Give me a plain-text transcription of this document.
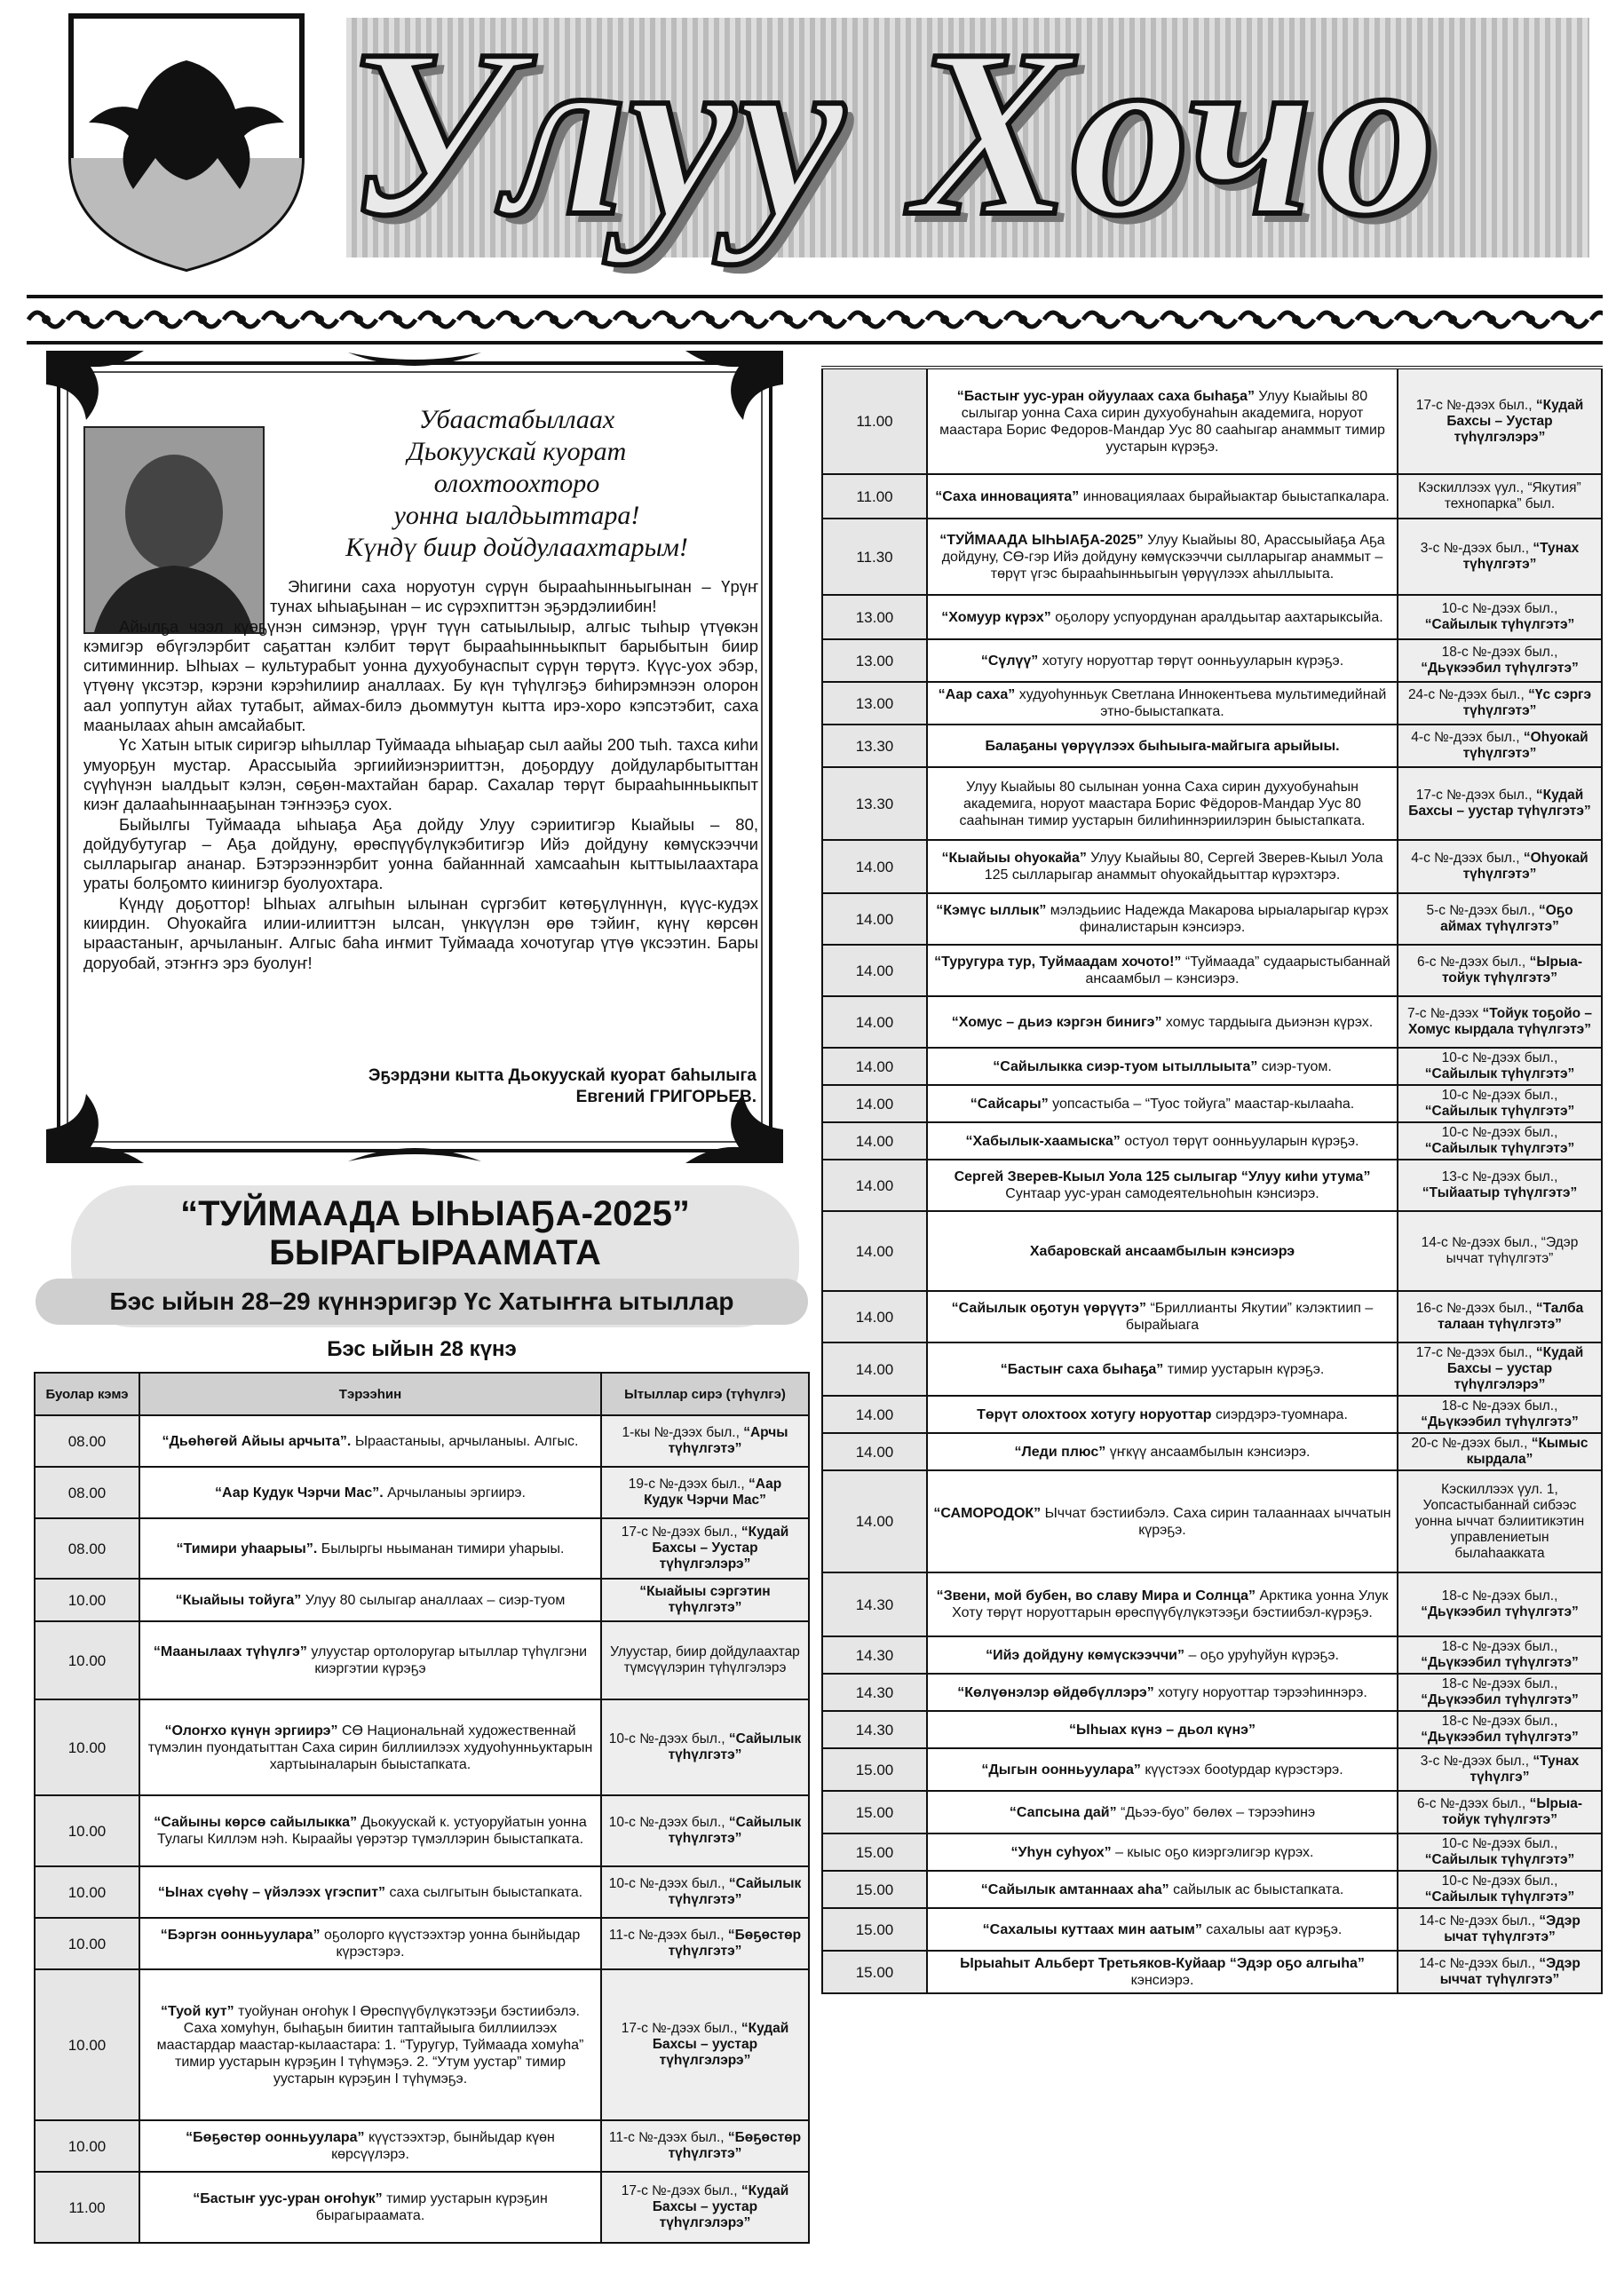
Улуу Хочо
Убаастабыллаах
Дьокуускай куорат
олохтоохторо
уонна ыалдьыттара!
Күндү биир дойдулаахтарым!

Эһигини саха норуотун сүрүн бырааһынньыгынан – Үрүҥ тунах ыһыаҕынан – ис сүрэхпиттэн эҕэрдэлиибин!

Айылҕа чээл күөҕүнэн симэнэр, үрүҥ түүн сатыылыыр, алгыс тыһыр үтүөкэн кэмигэр өбүгэлэрбит саҕаттан кэлбит төрүт бырааһынньыкпыт барыбытын биир ситиминнир. Ыһыах – культурабыт уонна духуобунаспыт сүрүн төрүтэ. Күүс-уох эбэр, үтүөнү үксэтэр, кэрэни кэрэһилиир аналлаах. Бу күн түһүлгэҕэ биһирэмнээн олорон аал уоппутун айах тутабыт, аймах-билэ дьоммутун кытта ирэ-хоро кэпсэтэбит, саха маанылаах аһын амсайабыт.

Үс Хатын ытык сиригэр ыһыллар Туймаада ыһыаҕар сыл аайы 200 тыһ. тахса киһи умуорҕун мустар. Арассыыйа эргиийиэнэрииттэн, доҕордуу дойдуларбытыттан сүүһүнэн ыалдьыт кэлэн, сөҕөн-махтайан барар. Сахалар төрүт бырааһынньыкпыт киэҥ далааһыннааҕынан тэҥнээҕэ суох.

Быйылгы Туймаада ыһыаҕа Аҕа дойду Улуу сэриитигэр Кыайыы – 80, дойдубутугар – Аҕа дойдуну, өрөспүүбүлүкэбитигэр Ийэ дойдуну көмүскээччи сылларыгар ананар. Бэтэрээннэрбит уонна байанннай хамсааһын кыттыылаахтара ураты болҕомто киинигэр буолуохтара.

Күндү доҕоттор! Ыһыах алгыһын ылынан сүргэбит көтөҕүлүннүн, күүс-кудэх киирдин. Оһуокайга илии-илииттэн ылсан, үнкүүлэн өрө тэйиҥ, күнү көрсөн ыраастаныҥ, арчыланыҥ. Алгыс баһа иҥмит Туймаада хочотугар үтүө үксээтин. Бары доруобай, этэҥҥэ эрэ буолуҥ!

Эҕэрдэни кытта Дьокуускай куорат баһылыга
Евгений ГРИГОРЬЕВ.
“ТУЙМААДА ЫҺЫАҔА-2025”
БЫРАГЫРААМАТА
Бэс ыйын 28–29 күннэригэр Үс Хатыҥҥа ытыллар
Бэс ыйын 28 күнэ
Буолар кэмэ	Тэрээһин	Ытыллар сирэ (түһүлгэ)
08.00	“Дьөһөгөй Айыы арчыта”. Ыраастаныы, арчыланыы. Алгыс.	1-кы №-дээх был., “Арчы түһүлгэтэ”
08.00	“Аар Кудук Чэрчи Мас”. Арчыланыы эргиирэ.	19-с №-дээх был., “Аар Кудук Чэрчи Мас”
08.00	“Тимири уһаарыы”. Былыргы ньыманан тимири уһарыы.	17-с №-дээх был., “Кудай Бахсы – Уустар түһүлгэлэрэ”
10.00	“Кыайыы тойуга” Улуу 80 сылыгар аналлаах – сиэр-туом	“Кыайыы сэргэтин түһүлгэтэ”
10.00	“Маанылаах түһүлгэ” улуустар ортолоругар ытыллар түһүлгэни киэргэтии күрэҕэ	Улуустар, биир дойдулаахтар түмсүүлэрин түһүлгэлэрэ
10.00	“Олоҥхо күнүн эргиирэ” СӨ Национальнай художественнай түмэлин пуондатыттан Саха сирин биллиилээх худуоһунньуктарын хартыыналарын быыстапката.	10-с №-дээх был., “Сайылык түһүлгэтэ”
10.00	“Сайыны көрсө сайылыкка” Дьокуускай к. устуоруйатын уонна Тулагы Киллэм нэһ. Кыраайы үөрэтэр түмэллэрин быыстапката.	10-с №-дээх был., “Сайылык түһүлгэтэ”
10.00	“Ынах сүөһү – үйэлээх үгэспит” саха сылгытын быыстапката.	10-с №-дээх был., “Сайылык түһүлгэтэ”
10.00	“Бэргэн оонньуулара” оҕолорго күүстээхтэр уонна бынйыдар күрэстэрэ.	11-с №-дээх был., “Бөҕөстөр түһүлгэтэ”
10.00	“Туой кут” туойунан оҥоһук I Өрөспүүбүлүкэтээҕи бэстиибэлэ. Саха хомуһун, быһаҕын биитин таптайыыга биллиилээх маастардар маастар-кылаастара: 1. “Туругур, Туймаада хомуһа” тимир уустарын күрэҕин I түһүмэҕэ. 2. “Утум уустар” тимир уустарын күрэҕин I түһүмэҕэ.	17-с №-дээх был., “Кудай Бахсы – уустар түһүлгэлэрэ”
10.00	“Бөҕөстөр оонньуулара” күүстээхтэр, бынйыдар күөн көрсүүлэрэ.	11-с №-дээх был., “Бөҕөстөр түһүлгэтэ”
11.00	“Бастыҥ уус-уран оҥоһук” тимир уустарын күрэҕин бырагыраамата.	17-с №-дээх был., “Кудай Бахсы – уустар түһүлгэлэрэ”
11.00	“Бастыҥ уус-уран ойуулаах саха быһаҕа” Улуу Кыайыы 80 сылыгар уонна Саха сирин духуобунаһын академига, норуот маастара Борис Федоров-Мандар Уус 80 сааһыгар анаммыт тимир уустарын күрэҕэ.	17-с №-дээх был., “Кудай Бахсы – Уустар түһүлгэлэрэ”
11.00	“Саха инновацията” инновациялаах бырайыактар быыстапкалара.	Кэскиллээх үул., “Якутия” технопарка” был.
11.30	“ТУЙМААДА ЫҺЫАҔА-2025” Улуу Кыайыы 80, Арассыыйаҕа Аҕа дойдуну, СӨ-гэр Ийэ дойдуну көмүскээччи сылларыгар анаммыт – төрүт үгэс бырааһынньыгын үөрүүлээх аһыллыыта.	3-с №-дээх был., “Тунах түһүлгэтэ”
13.00	“Хомуур күрэх” оҕолору успуордунан аралдьытар аахтарыксыйа.	10-с №-дээх был., “Сайылык түһүлгэтэ”
13.00	“Сүлүү” хотугу норуоттар төрүт оонньууларын күрэҕэ.	18-с №-дээх был., “Дьүкээбил түһүлгэтэ”
13.00	“Аар саха” худуоһунньук Светлана Иннокентьева мультимедийнай этно-быыстапката.	24-с №-дээх был., “Үс сэргэ түһүлгэтэ”
13.30	Балаҕаны үөрүүлээх быһыыга-майгыга арыйыы.	4-с №-дээх был., “Оһуокай түһүлгэтэ”
13.30	Улуу Кыайыы 80 сылынан уонна Саха сирин духуобунаһын академига, норуот маастара Борис Фёдоров-Мандар Уус 80 сааһынан тимир уустарын билиһиннэриилэрин быыстапката.	17-с №-дээх был., “Кудай Бахсы – уустар түһүлгэтэ”
14.00	“Кыайыы оһуокайа” Улуу Кыайыы 80, Сергей Зверев-Кыыл Уола 125 сылларыгар анаммыт оһуокайдьыттар күрэхтэрэ.	4-с №-дээх был., “Оһуокай түһүлгэтэ”
14.00	“Кэмүс ыллык” мэлэдьиис Надежда Макарова ырыаларыгар күрэх финалистарын кэнсиэрэ.	5-с №-дээх был., “Оҕо аймах түһүлгэтэ”
14.00	“Туругура тур, Туймаадам хочото!” “Туймаада” судаарыстыбаннай ансаамбыл – кэнсиэрэ.	6-с №-дээх был., “Ырыа-тойук түһүлгэтэ”
14.00	“Хомус – дьиэ кэргэн бинигэ” хомус тардыыга дьиэнэн күрэх.	7-с №-дээх “Тойук тоҕойо – Хомус кырдала түһүлгэтэ”
14.00	“Сайылыкка сиэр-туом ытыллыыта” сиэр-туом.	10-с №-дээх был., “Сайылык түһүлгэтэ”
14.00	“Сайсары” уопсастыба – “Туос тойуга” маастар-кылааһа.	10-с №-дээх был., “Сайылык түһүлгэтэ”
14.00	“Хабылык-хаамыска” остуол төрүт оонньууларын күрэҕэ.	10-с №-дээх был., “Сайылык түһүлгэтэ”
14.00	Сергей Зверев-Кыыл Уола 125 сылыгар “Улуу киһи утума” Сунтаар уус-уран самодеятельноһын кэнсиэрэ.	13-с №-дээх был., “Тыйаатыр түһүлгэтэ”
14.00	Хабаровскай ансаамбылын кэнсиэрэ	14-с №-дээх был., “Эдэр ыччат түһүлгэтэ”
14.00	“Сайылык оҕотун үөрүүтэ” “Бриллианты Якутии” кэлэктиип – бырайыага	16-с №-дээх был., “Талба талаан түһүлгэтэ”
14.00	“Бастыҥ саха быһаҕа” тимир уустарын күрэҕэ.	17-с №-дээх был., “Кудай Бахсы – уустар түһүлгэлэрэ”
14.00	Төрүт олохтоох хотугу норуоттар сиэрдэрэ-туомнара.	18-с №-дээх был., “Дьүкээбил түһүлгэтэ”
14.00	“Леди плюс” үҥкүү ансаамбылын кэнсиэрэ.	20-с №-дээх был., “Кымыс кырдала”
14.00	“САМОРОДОК” Ыччат бэстиибэлэ. Саха сирин талааннаах ыччатын күрэҕэ.	Кэскиллээх үул. 1, Уопсастыбаннай сибээс уонна ыччат бэлиитикэтин управлениетын былаһаакката
14.30	“Звени, мой бубен, во славу Мира и Солнца” Арктика уонна Улук Хоту төрүт норуоттарын өрөспүүбүлүкэтээҕи бэстиибэл-күрэҕэ.	18-с №-дээх был., “Дьүкээбил түһүлгэтэ”
14.30	“Ийэ дойдуну көмүскээччи” – оҕо уруһуйун күрэҕэ.	18-с №-дээх был., “Дьүкээбил түһүлгэтэ”
14.30	“Көлүөнэлэр өйдөбүллэрэ” хотугу норуоттар тэрээһиннэрэ.	18-с №-дээх был., “Дьүкээбил түһүлгэтэ”
14.30	“Ыһыах күнэ – дьол күнэ”	18-с №-дээх был., “Дьүкээбил түһүлгэтэ”
15.00	“Дыгын оонньуулара” күүстээх бootурдар күрэстэрэ.	3-с №-дээх был., “Тунах түһүлгэ”
15.00	“Сапсына дай” “Дьээ-буо” бөлөх – тэрээһинэ	6-с №-дээх был., “Ырыа-тойук түһүлгэтэ”
15.00	“Уһун суһуох” – кыыс оҕо киэргэлигэр күрэх.	10-с №-дээх был., “Сайылык түһүлгэтэ”
15.00	“Сайылык амтаннаах аһа” сайылык ас быыстапката.	10-с №-дээх был., “Сайылык түһүлгэтэ”
15.00	“Сахалыы куттаах мин аатым” сахалыы аат күрэҕэ.	14-с №-дээх был., “Эдэр ычат түһүлгэтэ”
15.00	Ырыаһыт Альберт Третьяков-Куйаар “Эдэр оҕо алгыһа” кэнсиэрэ.	14-с №-дээх был., “Эдэр ыччат түһүлгэтэ”
